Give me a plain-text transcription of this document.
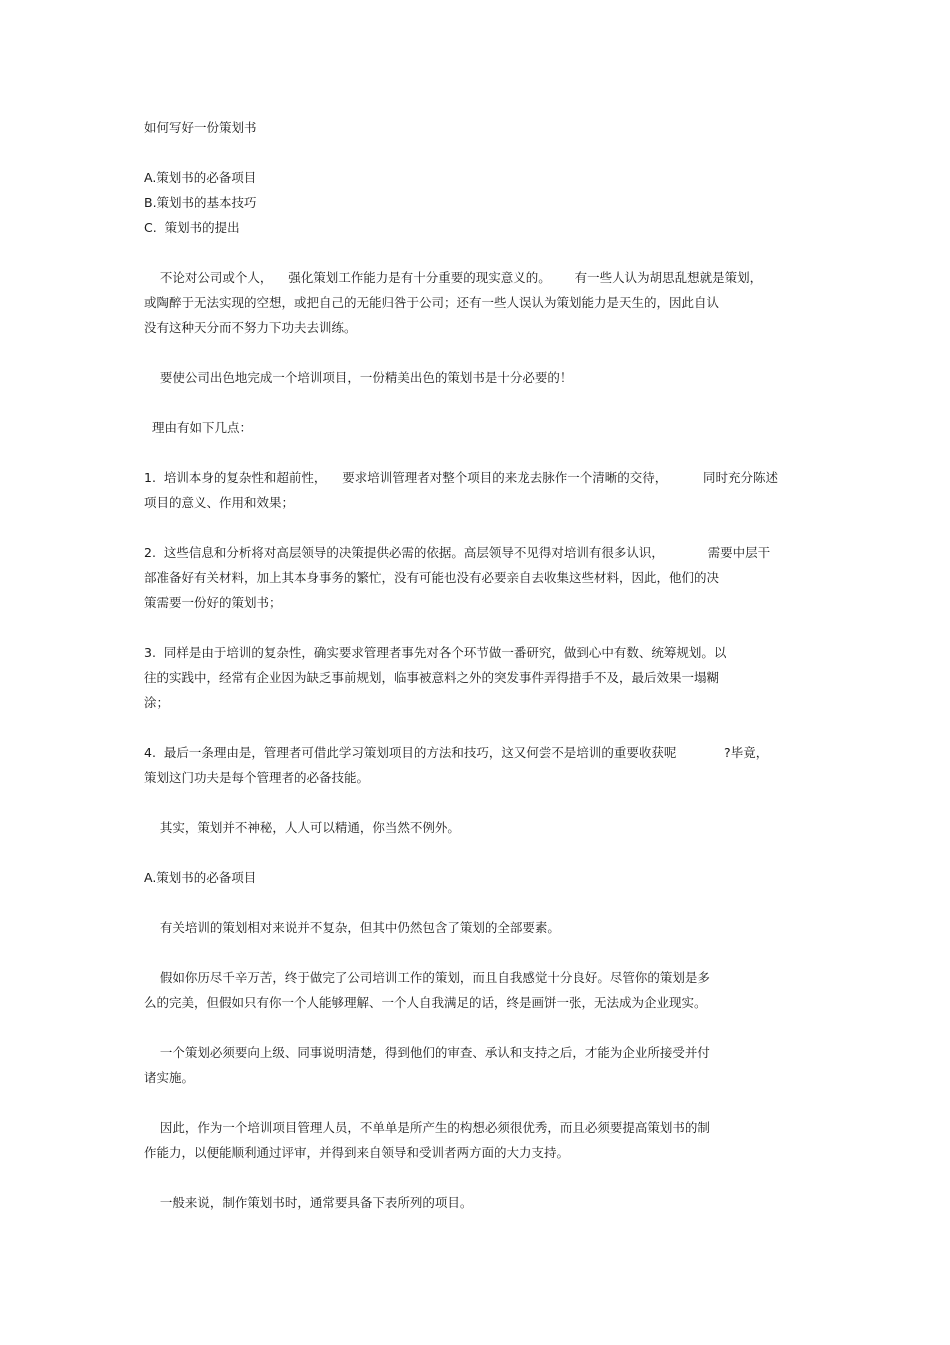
如何写好一份策划书

A.策划书的必备项目

B.策划书的基本技巧

C.  策划书的提出

不论对公司或个人，    强化策划工作能力是有十分重要的现实意义的。      有一些人认为胡思乱想就是策划，

或陶醉于无法实现的空想，或把自己的无能归咎于公司；还有一些人误认为策划能力是天生的，因此自认

没有这种天分而不努力下功夫去训练。

要使公司出色地完成一个培训项目，一份精美出色的策划书是十分必要的！

理由有如下几点：

1.  培训本身的复杂性和超前性，    要求培训管理者对整个项目的来龙去脉作一个清晰的交待，         同时充分陈述

项目的意义、作用和效果；

2.  这些信息和分析将对高层领导的决策提供必需的依据。高层领导不见得对培训有很多认识，           需要中层干

部准备好有关材料，加上其本身事务的繁忙，没有可能也没有必要亲自去收集这些材料，因此，他们的决

策需要一份好的策划书；

3.  同样是由于培训的复杂性，确实要求管理者事先对各个环节做一番研究，做到心中有数、统筹规划。以

往的实践中，经常有企业因为缺乏事前规划，临事被意料之外的突发事件弄得措手不及，最后效果一塌糊

涂；

4.  最后一条理由是，管理者可借此学习策划项目的方法和技巧，这又何尝不是培训的重要收获呢            ?毕竟，

策划这门功夫是每个管理者的必备技能。

其实，策划并不神秘，人人可以精通，你当然不例外。

A.策划书的必备项目

有关培训的策划相对来说并不复杂，但其中仍然包含了策划的全部要素。

假如你历尽千辛万苦，终于做完了公司培训工作的策划，而且自我感觉十分良好。尽管你的策划是多

么的完美，但假如只有你一个人能够理解、一个人自我满足的话，终是画饼一张，无法成为企业现实。

一个策划必须要向上级、同事说明清楚，得到他们的审查、承认和支持之后，才能为企业所接受并付

诸实施。

因此，作为一个培训项目管理人员，不单单是所产生的构想必须很优秀，而且必须要提高策划书的制

作能力，以便能顺利通过评审，并得到来自领导和受训者两方面的大力支持。

一般来说，制作策划书时，通常要具备下表所列的项目。
